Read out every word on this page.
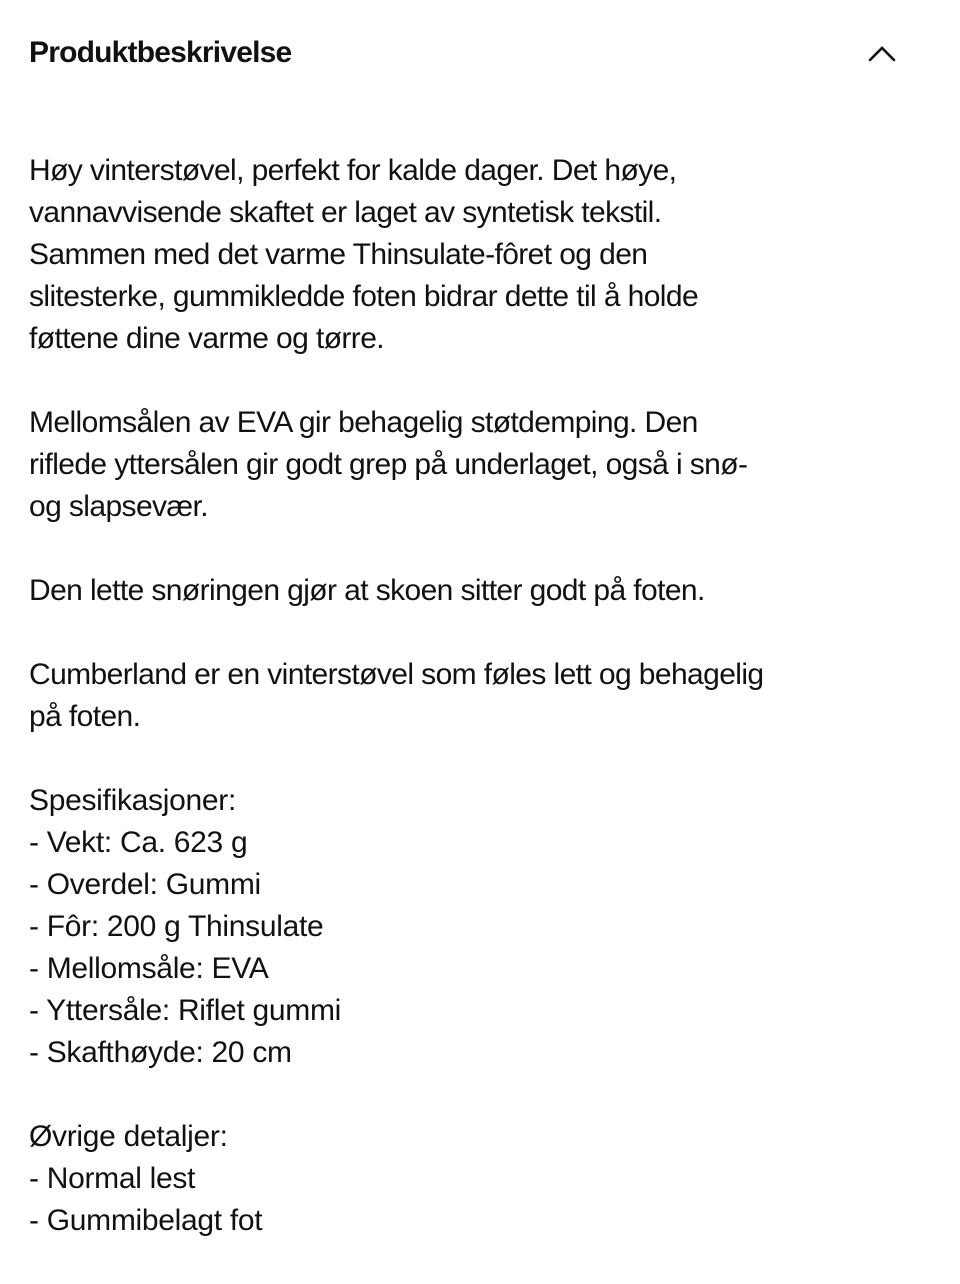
Produktbeskrivelse

Høy vinterstøvel, perfekt for kalde dager. Det høye,
vannavvisende skaftet er laget av syntetisk tekstil.
Sammen med det varme Thinsulate-fôret og den
slitesterke, gummikledde foten bidrar dette til å holde
føttene dine varme og tørre.

Mellomsålen av EVA gir behagelig støtdemping. Den
riflede yttersålen gir godt grep på underlaget, også i snø-
og slapsevær.

Den lette snøringen gjør at skoen sitter godt på foten.

Cumberland er en vinterstøvel som føles lett og behagelig
på foten.

Spesifikasjoner:
- Vekt: Ca. 623 g
- Overdel: Gummi
- Fôr: 200 g Thinsulate
- Mellomsåle: EVA
- Yttersåle: Riflet gummi
- Skafthøyde: 20 cm
Øvrige detaljer:
- Normal lest
- Gummibelagt fot
